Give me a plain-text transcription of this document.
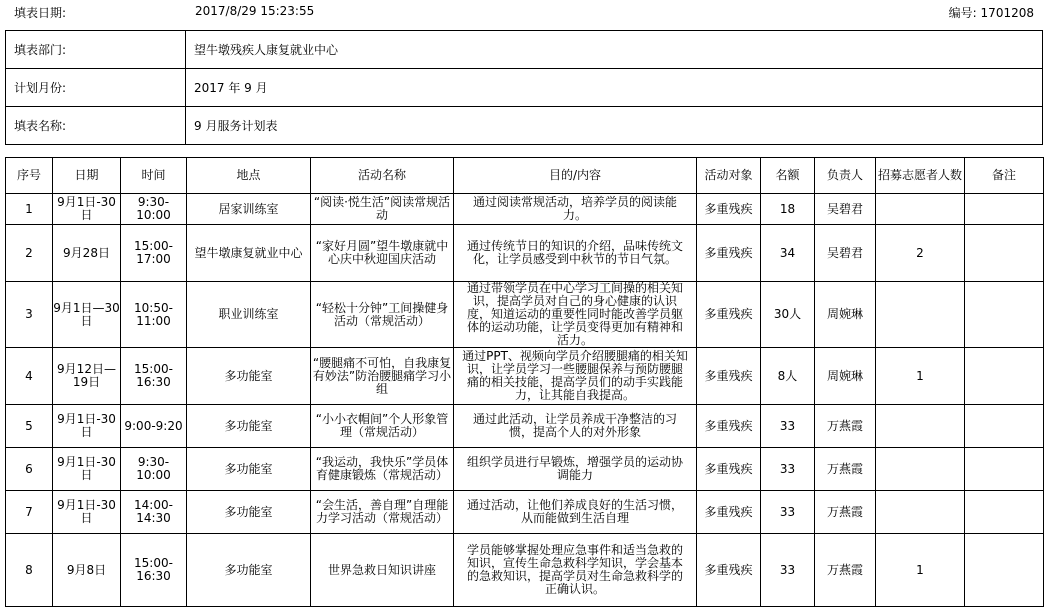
填表日期:	2017/8/29 15:23:55	编号: 1701208
填表部门:	望牛墩残疾人康复就业中心
计划月份:	2017 年 9 月
填表名称:	9 月服务计划表
序号	日期	时间	地点	活动名称	目的/内容	活动对象	名额	负责人	招募志愿者人数	备注
1	9月1日-30日	9:30-10:00	居家训练室	“阅读·悦生活”阅读常规活动	通过阅读常规活动，培养学员的阅读能力。	多重残疾	18	吴碧君		
2	9月28日	15:00-17:00	望牛墩康复就业中心	“家好月圆”望牛墩康就中心庆中秋迎国庆活动	通过传统节日的知识的介绍，品味传统文化，让学员感受到中秋节的节日气氛。	多重残疾	34	吴碧君	2	
3	9月1日—30日	10:50-11:00	职业训练室	“轻松十分钟”工间操健身活动（常规活动）	通过带领学员在中心学习工间操的相关知识，提高学员对自己的身心健康的认识度，知道运动的重要性同时能改善学员躯体的运动功能，让学员变得更加有精神和活力。	多重残疾	30人	周婉琳		
4	9月12日—19日	15:00-16:30	多功能室	“腰腿痛不可怕，自我康复有妙法”防治腰腿痛学习小组	通过PPT、视频向学员介绍腰腿痛的相关知识，让学员学习一些腰腿保养与预防腰腿痛的相关技能，提高学员们的动手实践能力，让其能自我提高。	多重残疾	8人	周婉琳	1	
5	9月1日-30日	9:00-9:20	多功能室	“小小衣帽间”个人形象管理（常规活动）	通过此活动，让学员养成干净整洁的习惯，提高个人的对外形象	多重残疾	33	万燕霞		
6	9月1日-30日	9:30-10:00	多功能室	“我运动，我快乐”学员体育健康锻炼（常规活动）	组织学员进行早锻炼，增强学员的运动协调能力	多重残疾	33	万燕霞		
7	9月1日-30日	14:00-14:30	多功能室	“会生活，善自理”自理能力学习活动（常规活动）	通过活动，让他们养成良好的生活习惯，从而能做到生活自理	多重残疾	33	万燕霞		
8	9月8日	15:00-16:30	多功能室	世界急救日知识讲座	学员能够掌握处理应急事件和适当急救的知识，宣传生命急救科学知识，学会基本的急救知识，提高学员对生命急救科学的正确认识。	多重残疾	33	万燕霞	1	
